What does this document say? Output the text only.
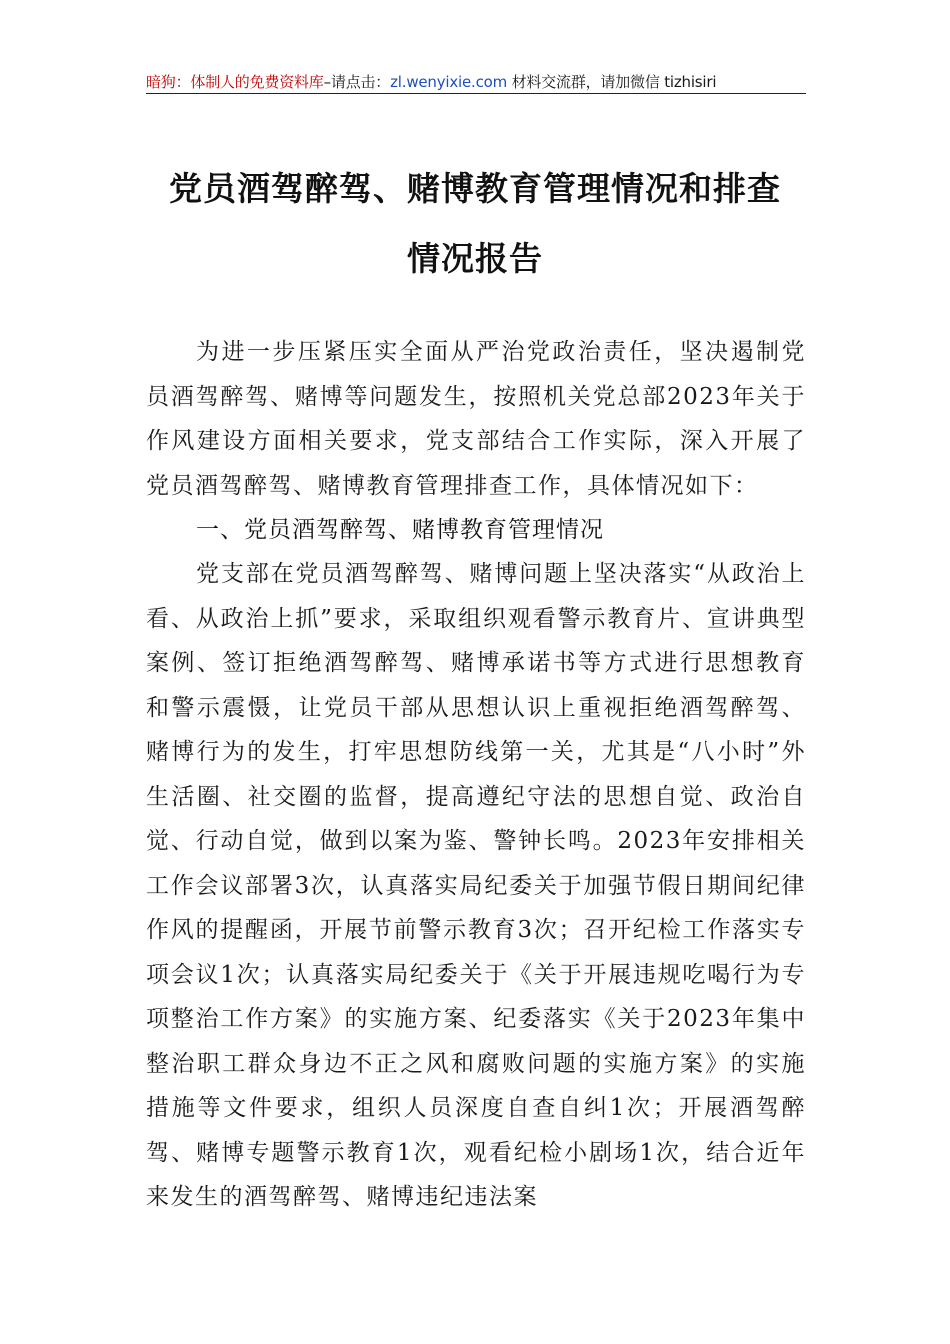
暗狗：体制人的免费资料库–请点击：zl.wenyixie.com 材料交流群，请加微信 tizhisiri
党员酒驾醉驾、赌博教育管理情况和排查
情况报告
为进一步压紧压实全面从严治党政治责任，坚决遏制党员酒驾醉驾、赌博等问题发生，按照机关党总部2023年关于作风建设方面相关要求，党支部结合工作实际，深入开展了党员酒驾醉驾、赌博教育管理排查工作，具体情况如下：
一、党员酒驾醉驾、赌博教育管理情况
党支部在党员酒驾醉驾、赌博问题上坚决落实“从政治上看、从政治上抓”要求，采取组织观看警示教育片、宣讲典型案例、签订拒绝酒驾醉驾、赌博承诺书等方式进行思想教育和警示震慑，让党员干部从思想认识上重视拒绝酒驾醉驾、赌博行为的发生，打牢思想防线第一关，尤其是“八小时”外生活圈、社交圈的监督，提高遵纪守法的思想自觉、政治自觉、行动自觉，做到以案为鉴、警钟长鸣。2023年安排相关工作会议部署3次，认真落实局纪委关于加强节假日期间纪律作风的提醒函，开展节前警示教育3次；召开纪检工作落实专项会议1次；认真落实局纪委关于《关于开展违规吃喝行为专项整治工作方案》的实施方案、纪委落实《关于2023年集中整治职工群众身边不正之风和腐败问题的实施方案》的实施措施等文件要求，组织人员深度自查自纠1次；开展酒驾醉驾、赌博专题警示教育1次，观看纪检小剧场1次，结合近年来发生的酒驾醉驾、赌博违纪违法案
